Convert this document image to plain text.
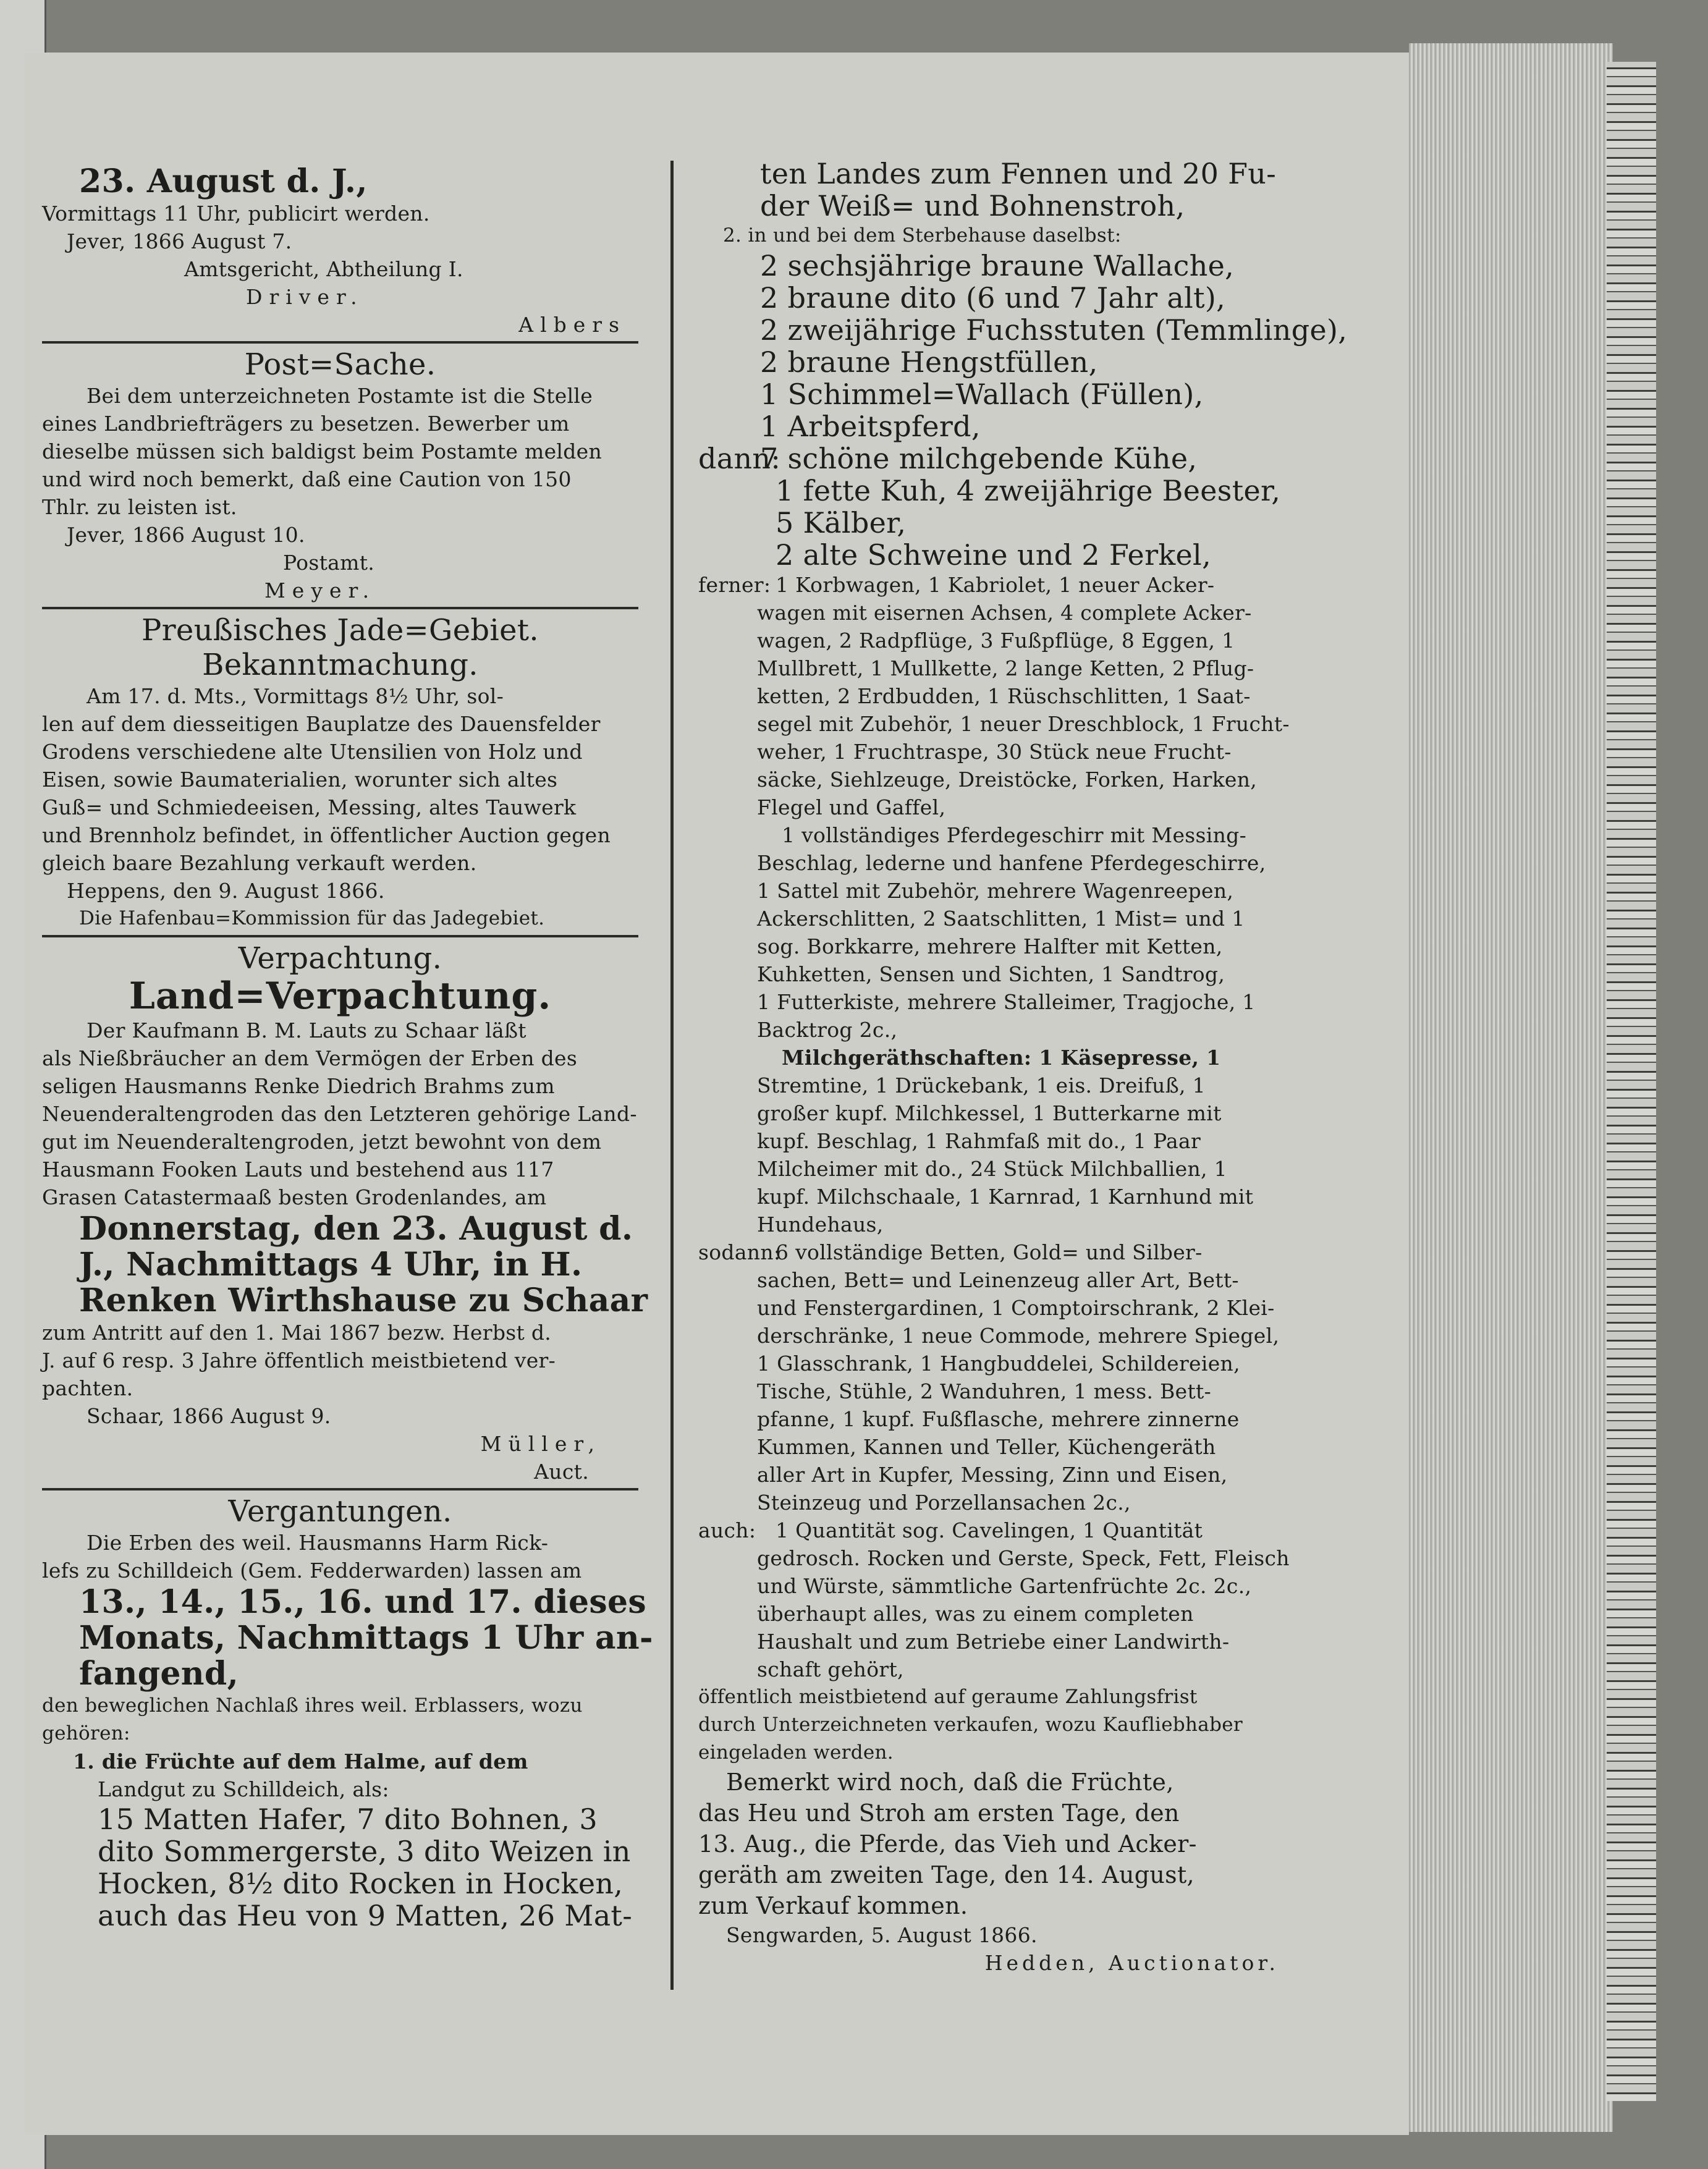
23. August d. J.,
Vormittags 11 Uhr, publicirt werden.
Jever, 1866 August 7.
Amtsgericht, Abtheilung I.
Driver.
Albers
Post=Sache.
Bei dem unterzeichneten Postamte ist die Stelle
eines Landbriefträgers zu besetzen. Bewerber um
dieselbe müssen sich baldigst beim Postamte melden
und wird noch bemerkt, daß eine Caution von 150
Thlr. zu leisten ist.
Jever, 1866 August 10.
Postamt.
Meyer.
Preußisches Jade=Gebiet.
Bekanntmachung.
Am 17. d. Mts., Vormittags 8½ Uhr, sol-
len auf dem diesseitigen Bauplatze des Dauensfelder
Grodens verschiedene alte Utensilien von Holz und
Eisen, sowie Baumaterialien, worunter sich altes
Guß= und Schmiedeeisen, Messing, altes Tauwerk
und Brennholz befindet, in öffentlicher Auction gegen
gleich baare Bezahlung verkauft werden.
Heppens, den 9. August 1866.
Die Hafenbau=Kommission für das Jadegebiet.
Verpachtung.
Land=Verpachtung.
Der Kaufmann B. M. Lauts zu Schaar läßt
als Nießbräucher an dem Vermögen der Erben des
seligen Hausmanns Renke Diedrich Brahms zum
Neuenderaltengroden das den Letzteren gehörige Land-
gut im Neuenderaltengroden, jetzt bewohnt von dem
Hausmann Fooken Lauts und bestehend aus 117
Grasen Catastermaaß besten Grodenlandes, am
Donnerstag, den 23. August d.
J., Nachmittags 4 Uhr, in H.
Renken Wirthshause zu Schaar
zum Antritt auf den 1. Mai 1867 bezw. Herbst d.
J. auf 6 resp. 3 Jahre öffentlich meistbietend ver-
pachten.
Schaar, 1866 August 9.
Müller,
Auct.
Vergantungen.
Die Erben des weil. Hausmanns Harm Rick-
lefs zu Schilldeich (Gem. Fedderwarden) lassen am
13., 14., 15., 16. und 17. dieses
Monats, Nachmittags 1 Uhr an-
fangend,
den beweglichen Nachlaß ihres weil. Erblassers, wozu
gehören:
1. die Früchte auf dem Halme, auf dem
Landgut zu Schilldeich, als:
15 Matten Hafer, 7 dito Bohnen, 3
dito Sommergerste, 3 dito Weizen in
Hocken, 8½ dito Rocken in Hocken,
auch das Heu von 9 Matten, 26 Mat-
ten Landes zum Fennen und 20 Fu-
der Weiß= und Bohnenstroh,
2. in und bei dem Sterbehause daselbst:
2 sechsjährige braune Wallache,
2 braune dito (6 und 7 Jahr alt),
2 zweijährige Fuchsstuten (Temmlinge),
2 braune Hengstfüllen,
1 Schimmel=Wallach (Füllen),
1 Arbeitspferd,
dann:7 schöne milchgebende Kühe,
1 fette Kuh, 4 zweijährige Beester,
5 Kälber,
2 alte Schweine und 2 Ferkel,
ferner: 1 Korbwagen, 1 Kabriolet, 1 neuer Acker-
wagen mit eisernen Achsen, 4 complete Acker-
wagen, 2 Radpflüge, 3 Fußpflüge, 8 Eggen, 1
Mullbrett, 1 Mullkette, 2 lange Ketten, 2 Pflug-
ketten, 2 Erdbudden, 1 Rüschschlitten, 1 Saat-
segel mit Zubehör, 1 neuer Dreschblock, 1 Frucht-
weher, 1 Fruchtraspe, 30 Stück neue Frucht-
säcke, Siehlzeuge, Dreistöcke, Forken, Harken,
Flegel und Gaffel,
1 vollständiges Pferdegeschirr mit Messing-
Beschlag, lederne und hanfene Pferdegeschirre,
1 Sattel mit Zubehör, mehrere Wagenreepen,
Ackerschlitten, 2 Saatschlitten, 1 Mist= und 1
sog. Borkkarre, mehrere Halfter mit Ketten,
Kuhketten, Sensen und Sichten, 1 Sandtrog,
1 Futterkiste, mehrere Stalleimer, Tragjoche, 1
Backtrog 2c.,
Milchgeräthschaften: 1 Käsepresse, 1
Stremtine, 1 Drückebank, 1 eis. Dreifuß, 1
großer kupf. Milchkessel, 1 Butterkarne mit
kupf. Beschlag, 1 Rahmfaß mit do., 1 Paar
Milcheimer mit do., 24 Stück Milchballien, 1
kupf. Milchschaale, 1 Karnrad, 1 Karnhund mit
Hundehaus,
sodann:6 vollständige Betten, Gold= und Silber-
sachen, Bett= und Leinenzeug aller Art, Bett-
und Fenstergardinen, 1 Comptoirschrank, 2 Klei-
derschränke, 1 neue Commode, mehrere Spiegel,
1 Glasschrank, 1 Hangbuddelei, Schildereien,
Tische, Stühle, 2 Wanduhren, 1 mess. Bett-
pfanne, 1 kupf. Fußflasche, mehrere zinnerne
Kummen, Kannen und Teller, Küchengeräth
aller Art in Kupfer, Messing, Zinn und Eisen,
Steinzeug und Porzellansachen 2c.,
auch: 1 Quantität sog. Cavelingen, 1 Quantität
gedrosch. Rocken und Gerste, Speck, Fett, Fleisch
und Würste, sämmtliche Gartenfrüchte 2c. 2c.,
überhaupt alles, was zu einem completen
Haushalt und zum Betriebe einer Landwirth-
schaft gehört,
öffentlich meistbietend auf geraume Zahlungsfrist
durch Unterzeichneten verkaufen, wozu Kaufliebhaber
eingeladen werden.
Bemerkt wird noch, daß die Früchte,
das Heu und Stroh am ersten Tage, den
13. Aug., die Pferde, das Vieh und Acker-
geräth am zweiten Tage, den 14. August,
zum Verkauf kommen.
Sengwarden, 5. August 1866.
Hedden, Auctionator.
